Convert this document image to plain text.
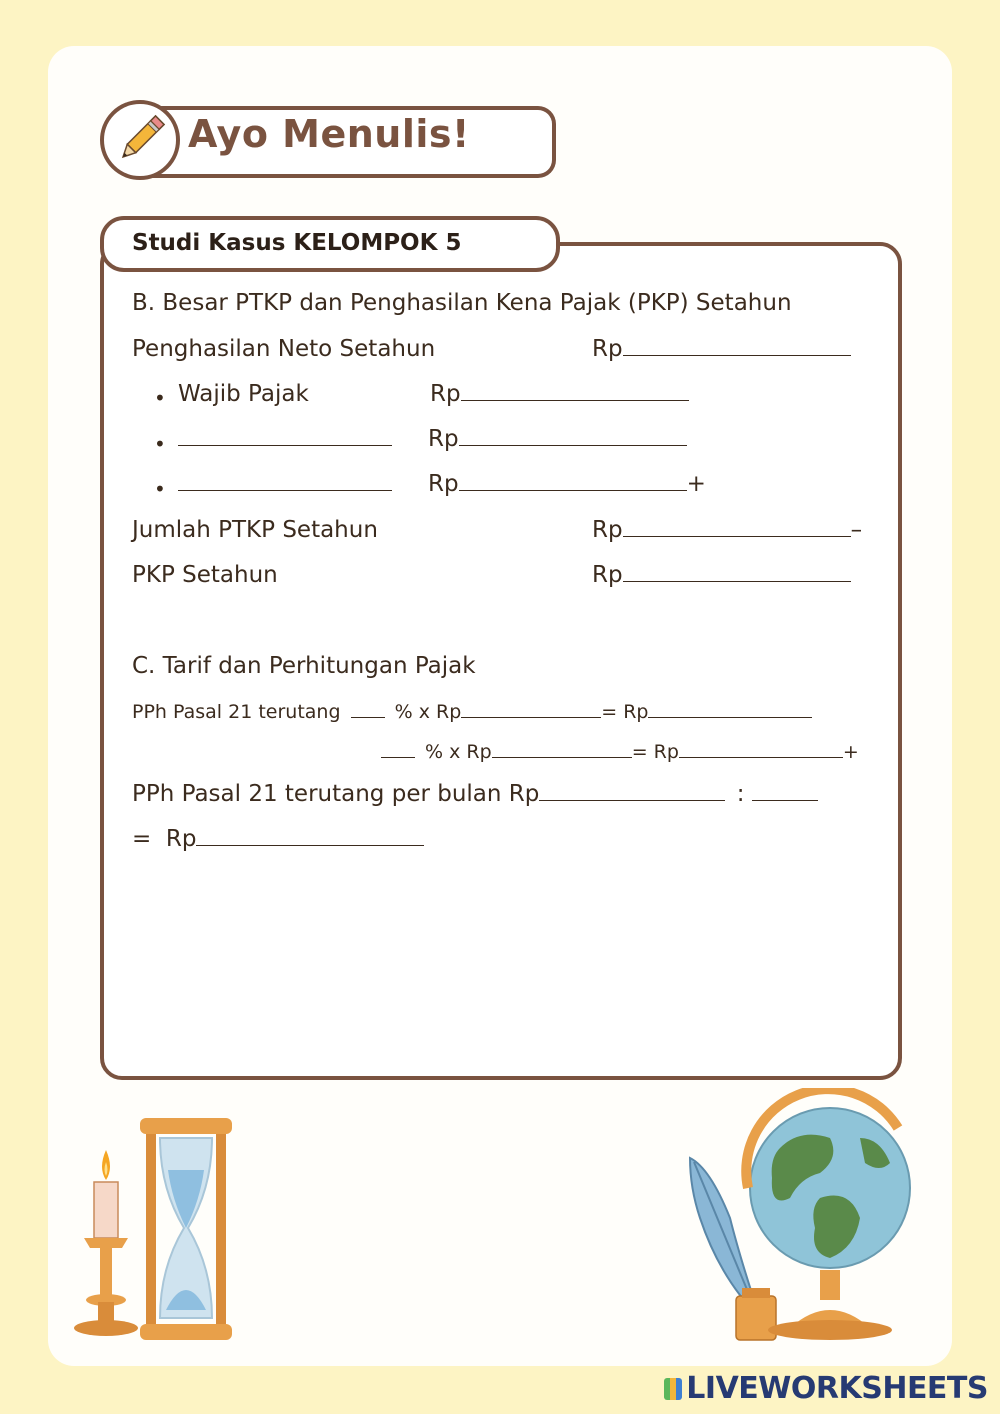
Ayo Menulis!
Studi Kasus KELOMPOK 5
B. Besar PTKP dan Penghasilan Kena Pajak (PKP) Setahun
Penghasilan Neto Setahun	Rp
• Wajib Pajak	Rp
•	Rp
•	Rp	+
Jumlah PTKP Setahun	Rp	–
PKP Setahun	Rp
C. Tarif dan Perhitungan Pajak
PPh Pasal 21 terutang	% x Rp	= Rp
% x Rp	= Rp	+
PPh Pasal 21 terutang per bulan Rp	:
=  Rp
LIVEWORKSHEETS
